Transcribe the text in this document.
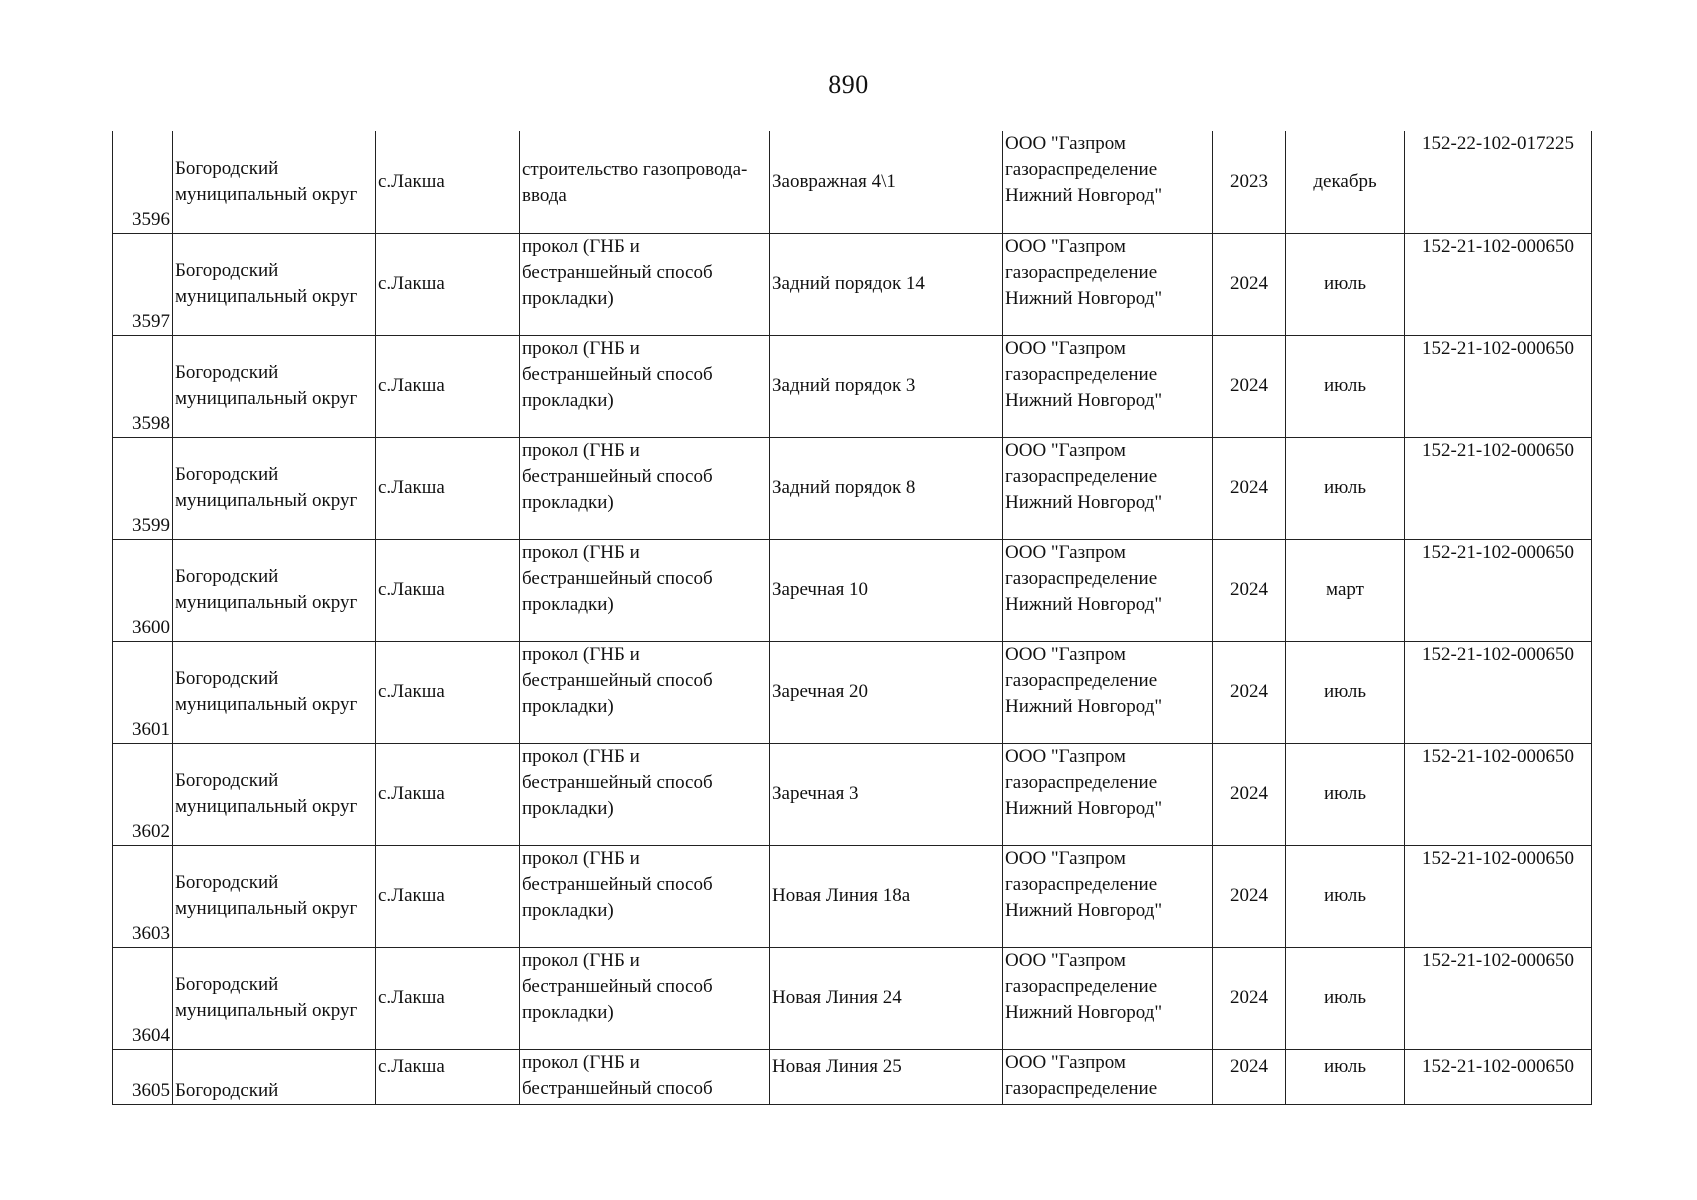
890
3596	Богородский
муниципальный округ	с.Лакша	
строительство газопровода-
ввода	Заовражная 4\1	ООО "Газпром
газораспределение
Нижний Новгород"	2023	декабрь	152-22-102-017225
3597	Богородский
муниципальный округ	с.Лакша	прокол (ГНБ и
бестраншейный способ
прокладки)	Задний порядок 14	ООО "Газпром
газораспределение
Нижний Новгород"	2024	июль	152-21-102-000650
3598	Богородский
муниципальный округ	с.Лакша	прокол (ГНБ и
бестраншейный способ
прокладки)	Задний порядок 3	ООО "Газпром
газораспределение
Нижний Новгород"	2024	июль	152-21-102-000650
3599	Богородский
муниципальный округ	с.Лакша	прокол (ГНБ и
бестраншейный способ
прокладки)	Задний порядок 8	ООО "Газпром
газораспределение
Нижний Новгород"	2024	июль	152-21-102-000650
3600	Богородский
муниципальный округ	с.Лакша	прокол (ГНБ и
бестраншейный способ
прокладки)	Заречная 10	ООО "Газпром
газораспределение
Нижний Новгород"	2024	март	152-21-102-000650
3601	Богородский
муниципальный округ	с.Лакша	прокол (ГНБ и
бестраншейный способ
прокладки)	Заречная 20	ООО "Газпром
газораспределение
Нижний Новгород"	2024	июль	152-21-102-000650
3602	Богородский
муниципальный округ	с.Лакша	прокол (ГНБ и
бестраншейный способ
прокладки)	Заречная 3	ООО "Газпром
газораспределение
Нижний Новгород"	2024	июль	152-21-102-000650
3603	Богородский
муниципальный округ	с.Лакша	прокол (ГНБ и
бестраншейный способ
прокладки)	Новая Линия 18а	ООО "Газпром
газораспределение
Нижний Новгород"	2024	июль	152-21-102-000650
3604	Богородский
муниципальный округ	с.Лакша	прокол (ГНБ и
бестраншейный способ
прокладки)	Новая Линия 24	ООО "Газпром
газораспределение
Нижний Новгород"	2024	июль	152-21-102-000650
3605	Богородский	с.Лакша	прокол (ГНБ и
бестраншейный способ	Новая Линия 25	ООО "Газпром
газораспределение	2024	июль	152-21-102-000650
